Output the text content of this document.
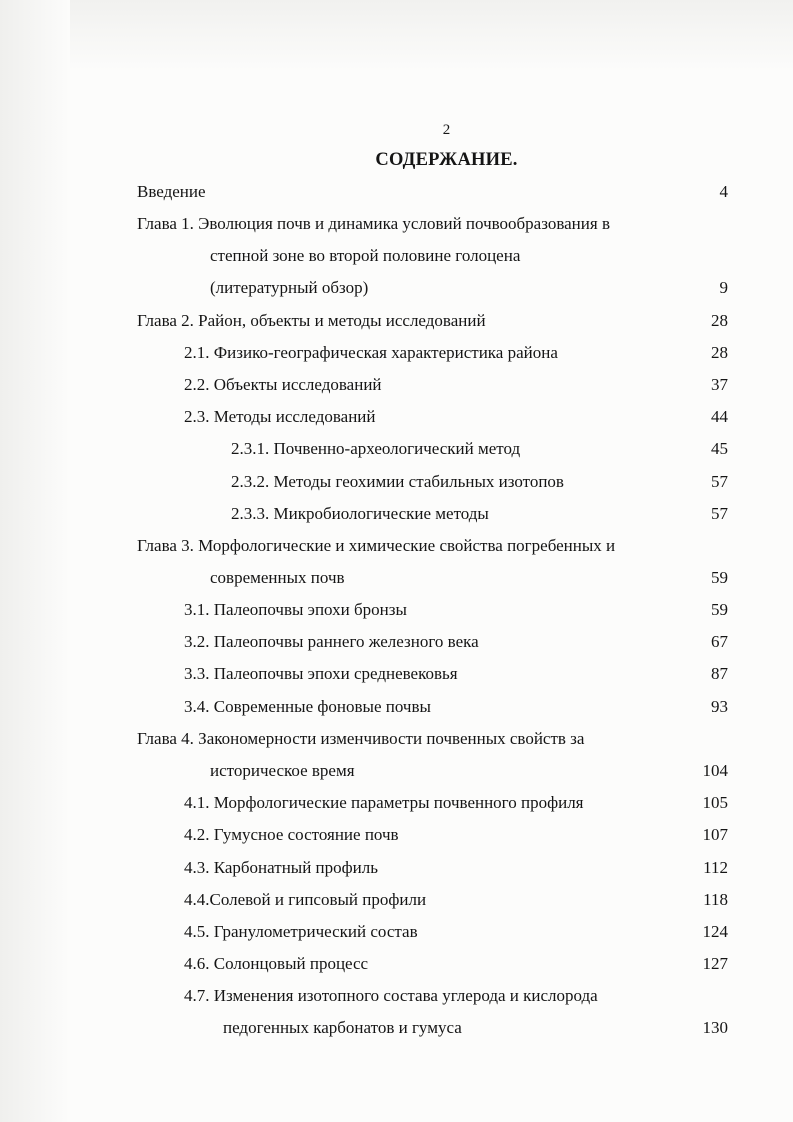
2
СОДЕРЖАНИЕ.
Введение	4
Глава 1. Эволюция почв и динамика условий почвообразования в
степной зоне во второй половине голоцена
(литературный обзор)	9
Глава 2. Район, объекты и методы исследований	28
2.1. Физико-географическая характеристика района	28
2.2. Объекты исследований	37
2.3. Методы исследований	44
2.3.1. Почвенно-археологический метод	45
2.3.2. Методы геохимии стабильных изотопов	57
2.3.3. Микробиологические методы	57
Глава 3. Морфологические и химические свойства погребенных и
современных почв	59
3.1. Палеопочвы эпохи бронзы	59
3.2. Палеопочвы раннего железного века	67
3.3. Палеопочвы эпохи средневековья	87
3.4. Современные фоновые почвы	93
Глава 4. Закономерности изменчивости почвенных свойств за
историческое время	104
4.1. Морфологические параметры почвенного профиля	105
4.2. Гумусное состояние почв	107
4.3. Карбонатный профиль	112
4.4.Солевой и гипсовый профили	118
4.5. Гранулометрический состав	124
4.6. Солонцовый процесс	127
4.7. Изменения изотопного состава углерода и кислорода
педогенных карбонатов и гумуса	130
